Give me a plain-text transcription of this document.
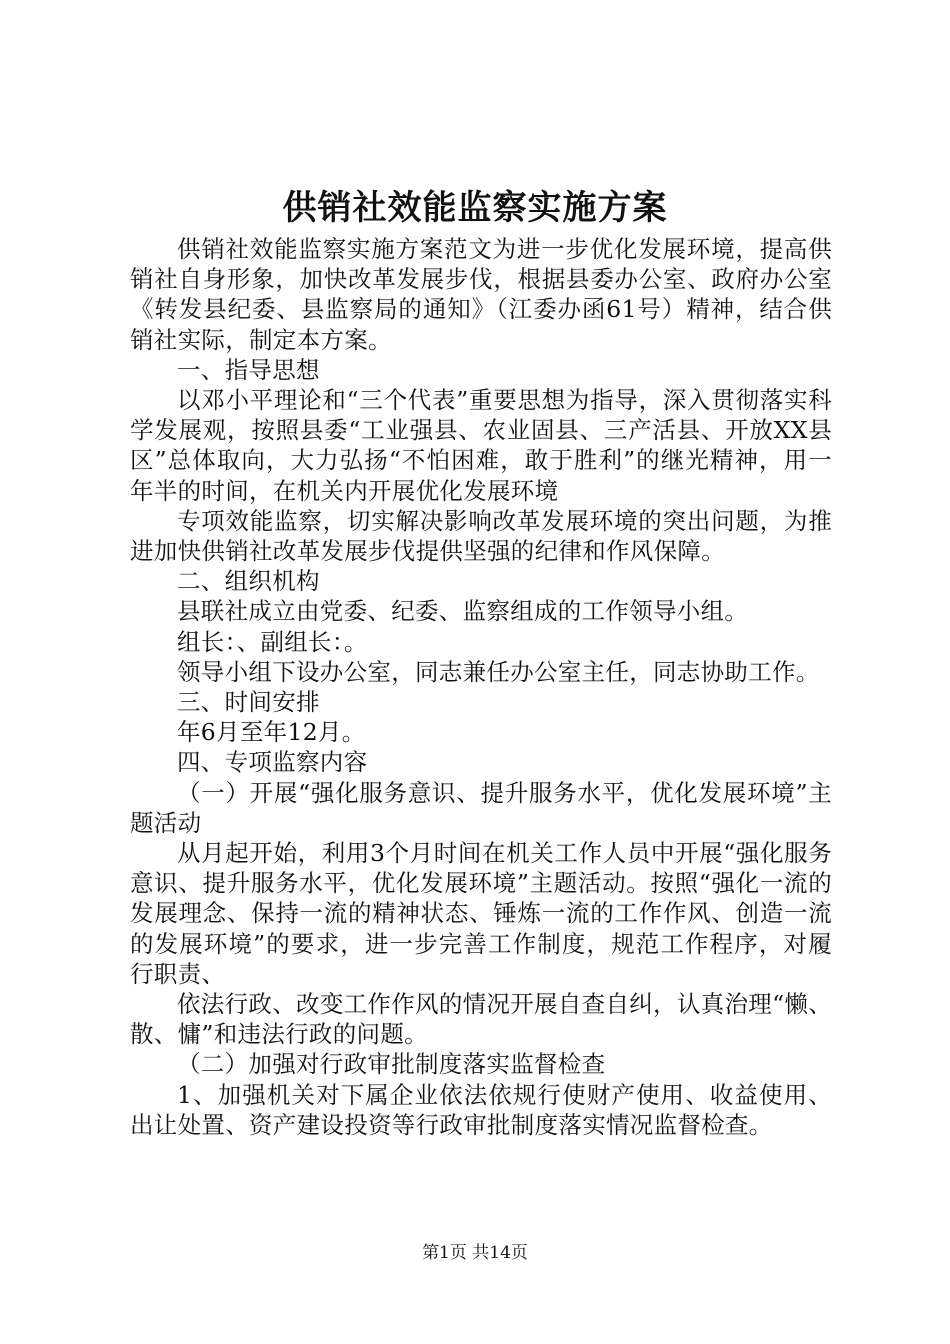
供销社效能监察实施方案

供销社效能监察实施方案范文为进一步优化发展环境，提高供销社自身形象，加快改革发展步伐，根据县委办公室、政府办公室《转发县纪委、县监察局的通知》（江委办函61号）精神，结合供销社实际，制定本方案。

一、指导思想

以邓小平理论和“三个代表”重要思想为指导，深入贯彻落实科学发展观，按照县委“工业强县、农业固县、三产活县、开放XX县区”总体取向，大力弘扬“不怕困难，敢于胜利”的继光精神，用一年半的时间，在机关内开展优化发展环境

专项效能监察，切实解决影响改革发展环境的突出问题，为推进加快供销社改革发展步伐提供坚强的纪律和作风保障。

二、组织机构

县联社成立由党委、纪委、监察组成的工作领导小组。

组长：、副组长：。

领导小组下设办公室，同志兼任办公室主任，同志协助工作。

三、时间安排

年6月至年12月。

四、专项监察内容

（一）开展“强化服务意识、提升服务水平，优化发展环境”主题活动

从月起开始，利用3个月时间在机关工作人员中开展“强化服务意识、提升服务水平，优化发展环境”主题活动。按照“强化一流的发展理念、保持一流的精神状态、锤炼一流的工作作风、创造一流的发展环境”的要求，进一步完善工作制度，规范工作程序，对履行职责、

依法行政、改变工作作风的情况开展自查自纠，认真治理“懒、散、慵”和违法行政的问题。

（二）加强对行政审批制度落实监督检查

1、加强机关对下属企业依法依规行使财产使用、收益使用、出让处置、资产建设投资等行政审批制度落实情况监督检查。

第1页 共14页
